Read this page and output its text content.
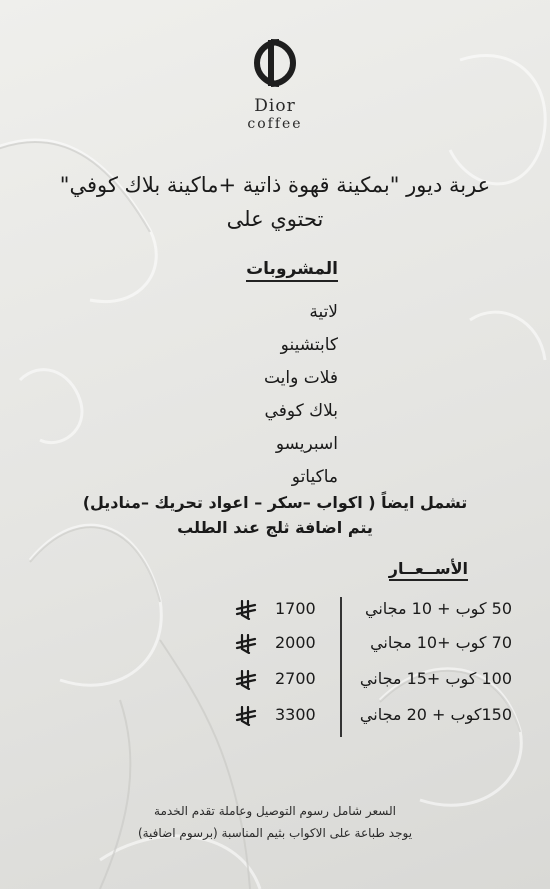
Dior
coffee
عربة ديور "بمكينة قهوة ذاتية +ماكينة بلاك كوفي"
تحتوي على
المشروبات
لاتية
كابتشينو
فلات وايت
بلاك كوفي
اسبريسو
ماكياتو
تشمل ايضاً ( اكواب –سكر – اعواد تحريك –مناديل)
يتم اضافة ثلج عند الطلب
الأســعــار
50 كوب + 10 مجاني
1700
70 كوب +10 مجاني
2000
100 كوب +15 مجاني
2700
150كوب + 20 مجاني
3300
السعر شامل رسوم التوصيل وعاملة تقدم الخدمة
يوجد طباعة على الاكواب بثيم المناسبة (برسوم اضافية)
